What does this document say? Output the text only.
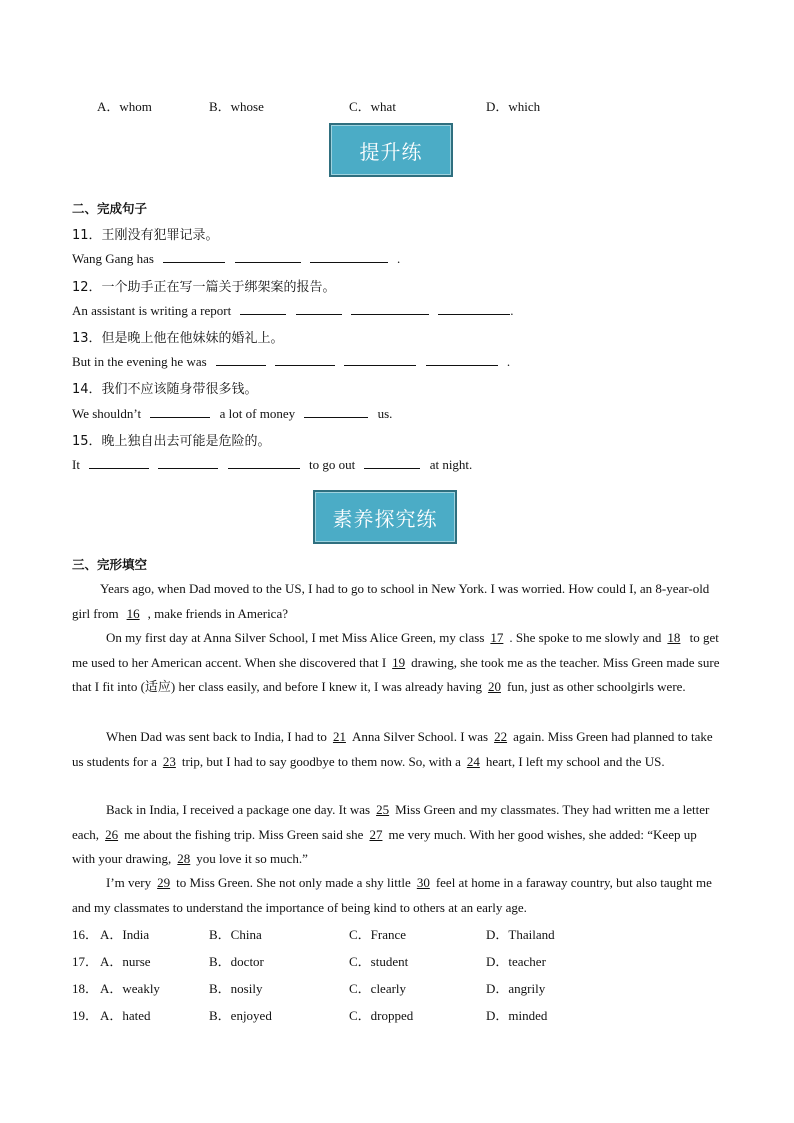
A．whom	B．whose	C．what	D．which
提升练
二、完成句子
11．王刚没有犯罪记录。
Wang Gang has	.
12．一个助手正在写一篇关于绑架案的报告。
An assistant is writing a report	.
13．但是晚上他在他妹妹的婚礼上。
But in the evening he was	.
14．我们不应该随身带很多钱。
We shouldn’t	a lot of money	us.
15．晚上独自出去可能是危险的。
It	to go out	at night.
素养探究练
三、完形填空
Years ago, when Dad moved to the US, I had to go to school in New York. I was worried. How could I, an 8-year-old girl from 16 , make friends in America?
On my first day at Anna Silver School, I met Miss Alice Green, my class 17 . She spoke to me slowly and 18 to get me used to her American accent. When she discovered that I 19 drawing, she took me as the teacher. Miss Green made sure that I fit into (适应) her class easily, and before I knew it, I was already having 20 fun, just as other schoolgirls were.
When Dad was sent back to India, I had to 21 Anna Silver School. I was 22 again. Miss Green had planned to take us students for a 23 trip, but I had to say goodbye to them now. So, with a 24 heart, I left my school and the US.
Back in India, I received a package one day. It was 25 Miss Green and my classmates. They had written me a letter each, 26 me about the fishing trip. Miss Green said she 27 me very much. With her good wishes, she added: “Keep up with your drawing, 28 you love it so much.”
I’m very 29 to Miss Green. She not only made a shy little 30 feel at home in a faraway country, but also taught me and my classmates to understand the importance of being kind to others at an early age.
16． A．India	B．China	C．France	D．Thailand
17． A．nurse	B．doctor	C．student	D．teacher
18． A．weakly	B．nosily	C．clearly	D．angrily
19． A．hated	B．enjoyed	C．dropped	D．minded
